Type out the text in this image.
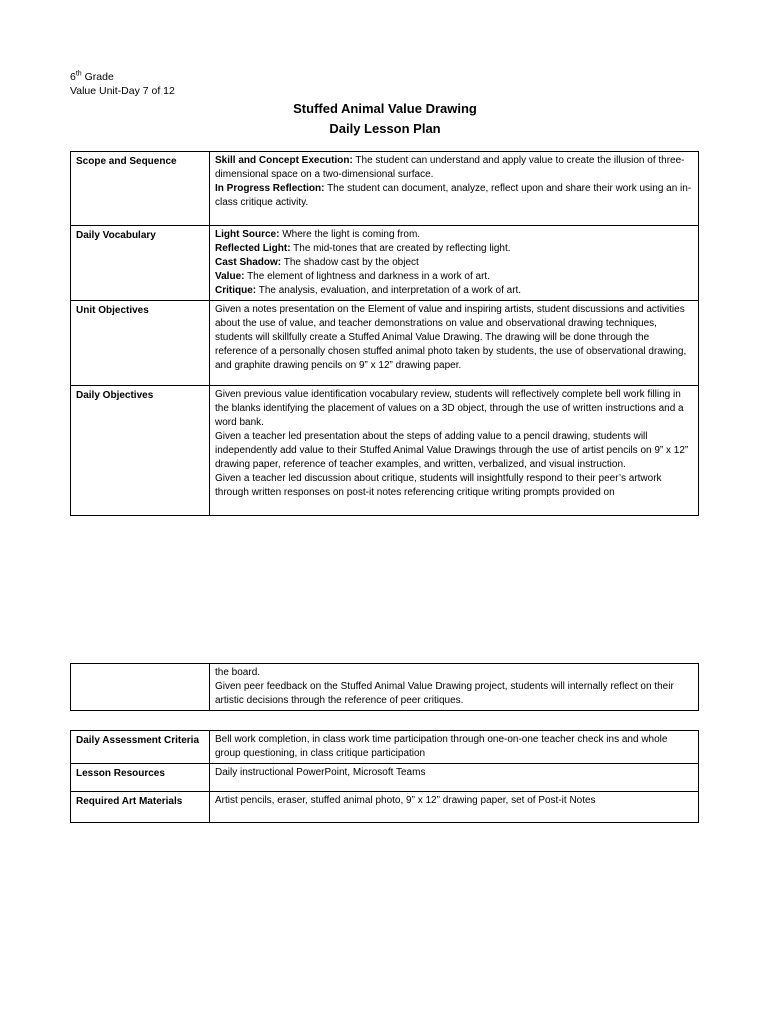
6th Grade
Value Unit-Day 7 of 12
Stuffed Animal Value Drawing
Daily Lesson Plan
Scope and Sequence	Skill and Concept Execution: The student can understand and apply value to create the illusion of three-dimensional space on a two-dimensional surface.
In Progress Reflection: The student can document, analyze, reflect upon and share their work using an in-class critique activity.
Daily Vocabulary	Light Source: Where the light is coming from.
Reflected Light: The mid-tones that are created by reflecting light.
Cast Shadow: The shadow cast by the object
Value: The element of lightness and darkness in a work of art.
Critique: The analysis, evaluation, and interpretation of a work of art.

Unit Objectives	Given a notes presentation on the Element of value and inspiring artists, student discussions and activities about the use of value, and teacher demonstrations on value and observational drawing techniques, students will skillfully create a Stuffed Animal Value Drawing. The drawing will be done through the reference of a personally chosen stuffed animal photo taken by students, the use of observational drawing, and graphite drawing pencils on 9” x 12” drawing paper.
Daily Objectives	Given previous value identification vocabulary review, students will reflectively complete bell work filling in the blanks identifying the placement of values on a 3D object, through the use of written instructions and a word bank.
Given a teacher led presentation about the steps of adding value to a pencil drawing, students will independently add value to their Stuffed Animal Value Drawings through the use of artist pencils on 9” x 12” drawing paper, reference of teacher examples, and written, verbalized, and visual instruction.
Given a teacher led discussion about critique, students will insightfully respond to their peer’s artwork through written responses on post-it notes referencing critique writing prompts provided on

the board.
Given peer feedback on the Stuffed Animal Value Drawing project, students will internally reflect on their artistic decisions through the reference of peer critiques.
Daily Assessment Criteria	Bell work completion, in class work time participation through one-on-one teacher check ins and whole group questioning, in class critique participation
Lesson Resources	Daily instructional PowerPoint, Microsoft Teams
Required Art Materials	Artist pencils, eraser, stuffed animal photo, 9” x 12” drawing paper, set of Post-it Notes
